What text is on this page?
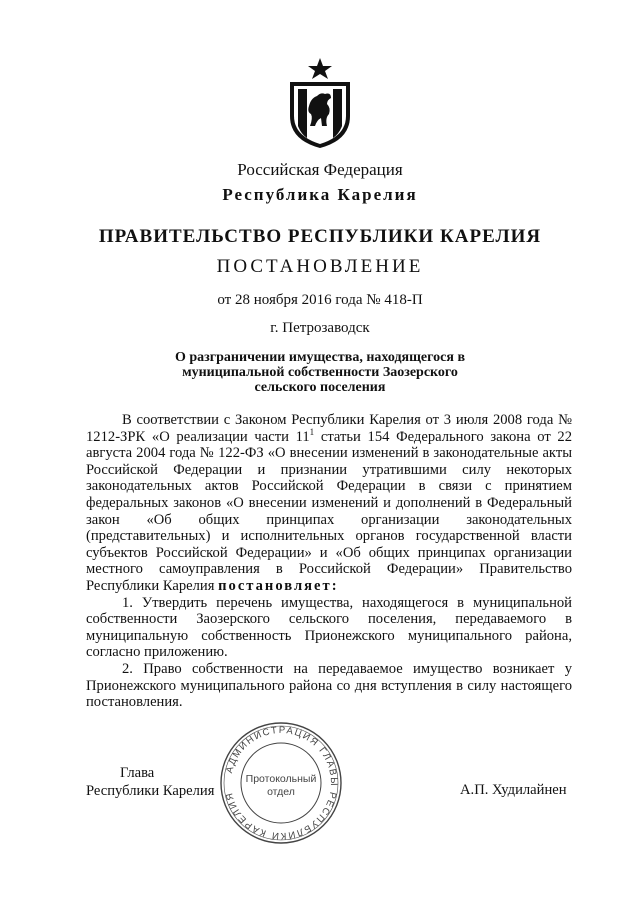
Российская Федерация
Республика Карелия
ПРАВИТЕЛЬСТВО РЕСПУБЛИКИ КАРЕЛИЯ
ПОСТАНОВЛЕНИЕ
от 28 ноября 2016 года № 418-П
г. Петрозаводск
О разграничении имущества, находящегося в
муниципальной собственности Заозерского
сельского поселения

В соответствии с Законом Республики Карелия от 3 июля 2008 года № 1212-ЗРК «О реализации части $11^1$ статьи 154 Федерального закона от 22 августа 2004 года № 122-ФЗ «О внесении изменений в законодательные акты Российской Федерации и признании утратившими силу некоторых законодательных актов Российской Федерации в связи с принятием федеральных законов «О внесении изменений и дополнений в Федеральный закон «Об общих принципах организации законодательных (представительных) и исполнительных органов государственной власти субъектов Российской Федерации» и «Об общих принципах организации местного самоуправления в Российской Федерации» Правительство Республики Карелия постановляет:

1. Утвердить перечень имущества, находящегося в муниципальной собственности Заозерского сельского поселения, передаваемого в муниципальную собственность Прионежского муниципального района, согласно приложению.

2. Право собственности на передаваемое имущество возникает у Прионежского муниципального района со дня вступления в силу настоящего постановления.

Глава
Республики Карелия	А.П. Худилайнен
АДМИНИСТРАЦИЯ ГЛАВЫ РЕСПУБЛИКИ КАРЕЛИЯ
Протокольный
отдел
